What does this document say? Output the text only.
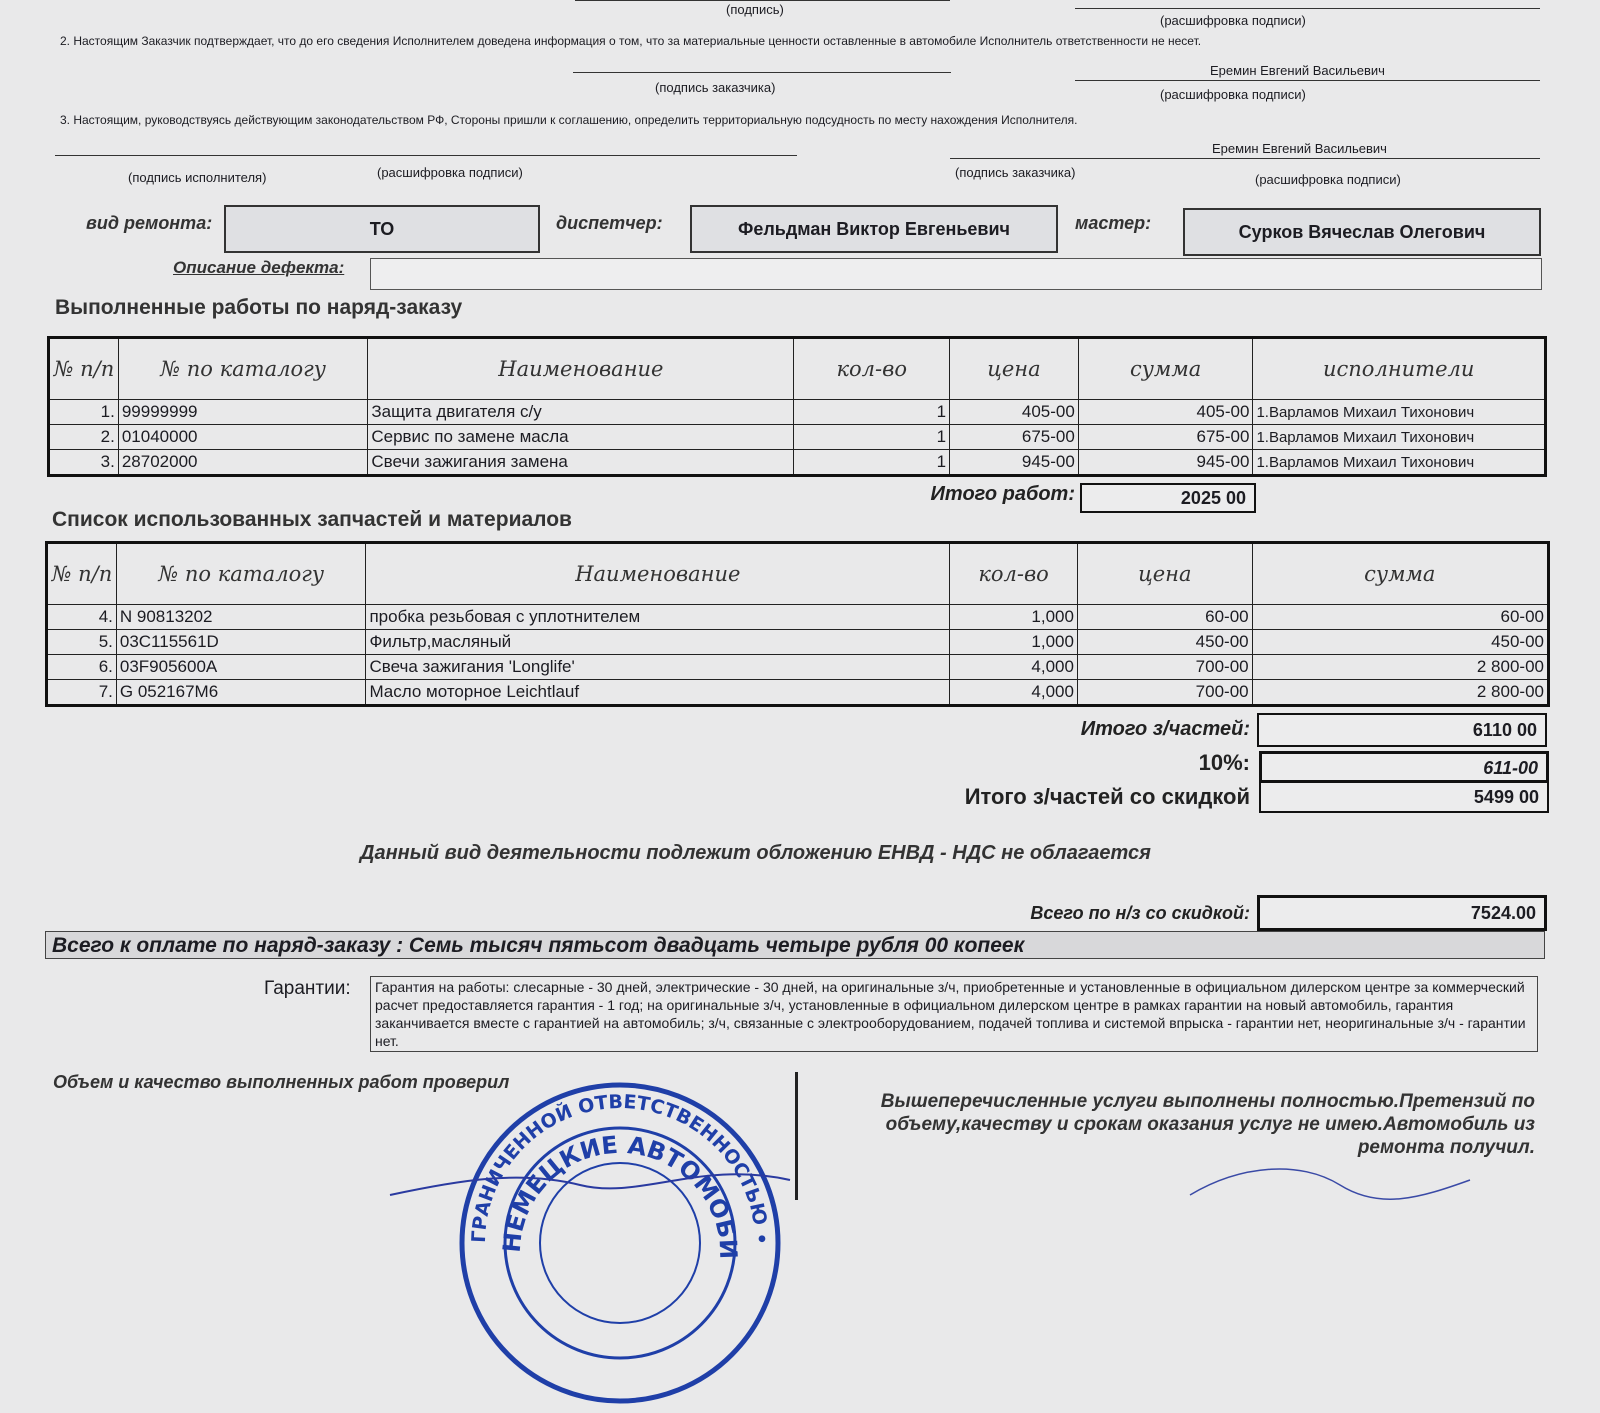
(подпись)
(расшифровка подписи)
2. Настоящим Заказчик подтверждает, что до его сведения Исполнителем доведена информация о том, что за материальные ценности оставленные в автомобиле Исполнитель ответственности не несет.
(подпись заказчика)
Еремин Евгений Васильевич
(расшифровка подписи)
3. Настоящим, руководствуясь действующим законодательством РФ, Стороны пришли к соглашению, определить территориальную подсудность по месту нахождения Исполнителя.
(подпись исполнителя)	(расшифровка подписи)
Еремин Евгений Васильевич
(подпись заказчика)	(расшифровка подписи)
вид ремонта:	ТО	диспетчер:	Фельдман Виктор Евгеньевич	мастер:	Сурков Вячеслав Олегович
Описание дефекта:
Выполненные работы по наряд-заказу
№ п/п	№ по каталогу	Наименование	кол-во	цена	сумма	исполнители
1.	99999999	Защита двигателя с/у	1	405-00	405-00	1.Варламов Михаил Тихонович
2.	01040000	Сервис по замене масла	1	675-00	675-00	1.Варламов Михаил Тихонович
3.	28702000	Свечи зажигания замена	1	945-00	945-00	1.Варламов Михаил Тихонович
Итого работ:	2025 00
Список использованных запчастей и материалов
№ п/п	№ по каталогу	Наименование	кол-во	цена	сумма
4.	N 90813202	пробка резьбовая с уплотнителем	1,000	60-00	60-00
5.	03C115561D	Фильтр,масляный	1,000	450-00	450-00
6.	03F905600A	Свеча зажигания 'Longlife'	4,000	700-00	2 800-00
7.	G 052167M6	Масло моторное Leichtlauf	4,000	700-00	2 800-00
Итого з/частей:	6110 00
10%:	611-00
Итого з/частей со скидкой	5499 00
Данный вид деятельности подлежит обложению ЕНВД - НДС не облагается
Всего по н/з со скидкой:	7524.00
Всего к оплате по наряд-заказу : Семь тысяч пятьсот двадцать четыре рубля 00 копеек
Гарантии:	Гарантия на работы: слесарные - 30 дней, электрические - 30 дней, на оригинальные з/ч, приобретенные и установленные в официальном дилерском центре за коммерческий расчет предоставляется гарантия - 1 год; на оригинальные з/ч, установленные в официальном дилерском центре в рамках гарантии на новый автомобиль, гарантия заканчивается вместе с гарантией на автомобиль; з/ч, связанные с электрооборудованием, подачей топлива и системой впрыска - гарантии нет, неоригинальные з/ч - гарантии нет.
Объем и качество выполненных работ проверил
Вышеперечисленные услуги выполнены полностью.Претензий по объему,качеству и срокам оказания услуг не имею.Автомобиль из ремонта получил.
ГРАНИЧЕННОЙ ОТВЕТСТВЕННОСТЬЮ •
НЕМЕЦКИЕ АВТОМОБИ
